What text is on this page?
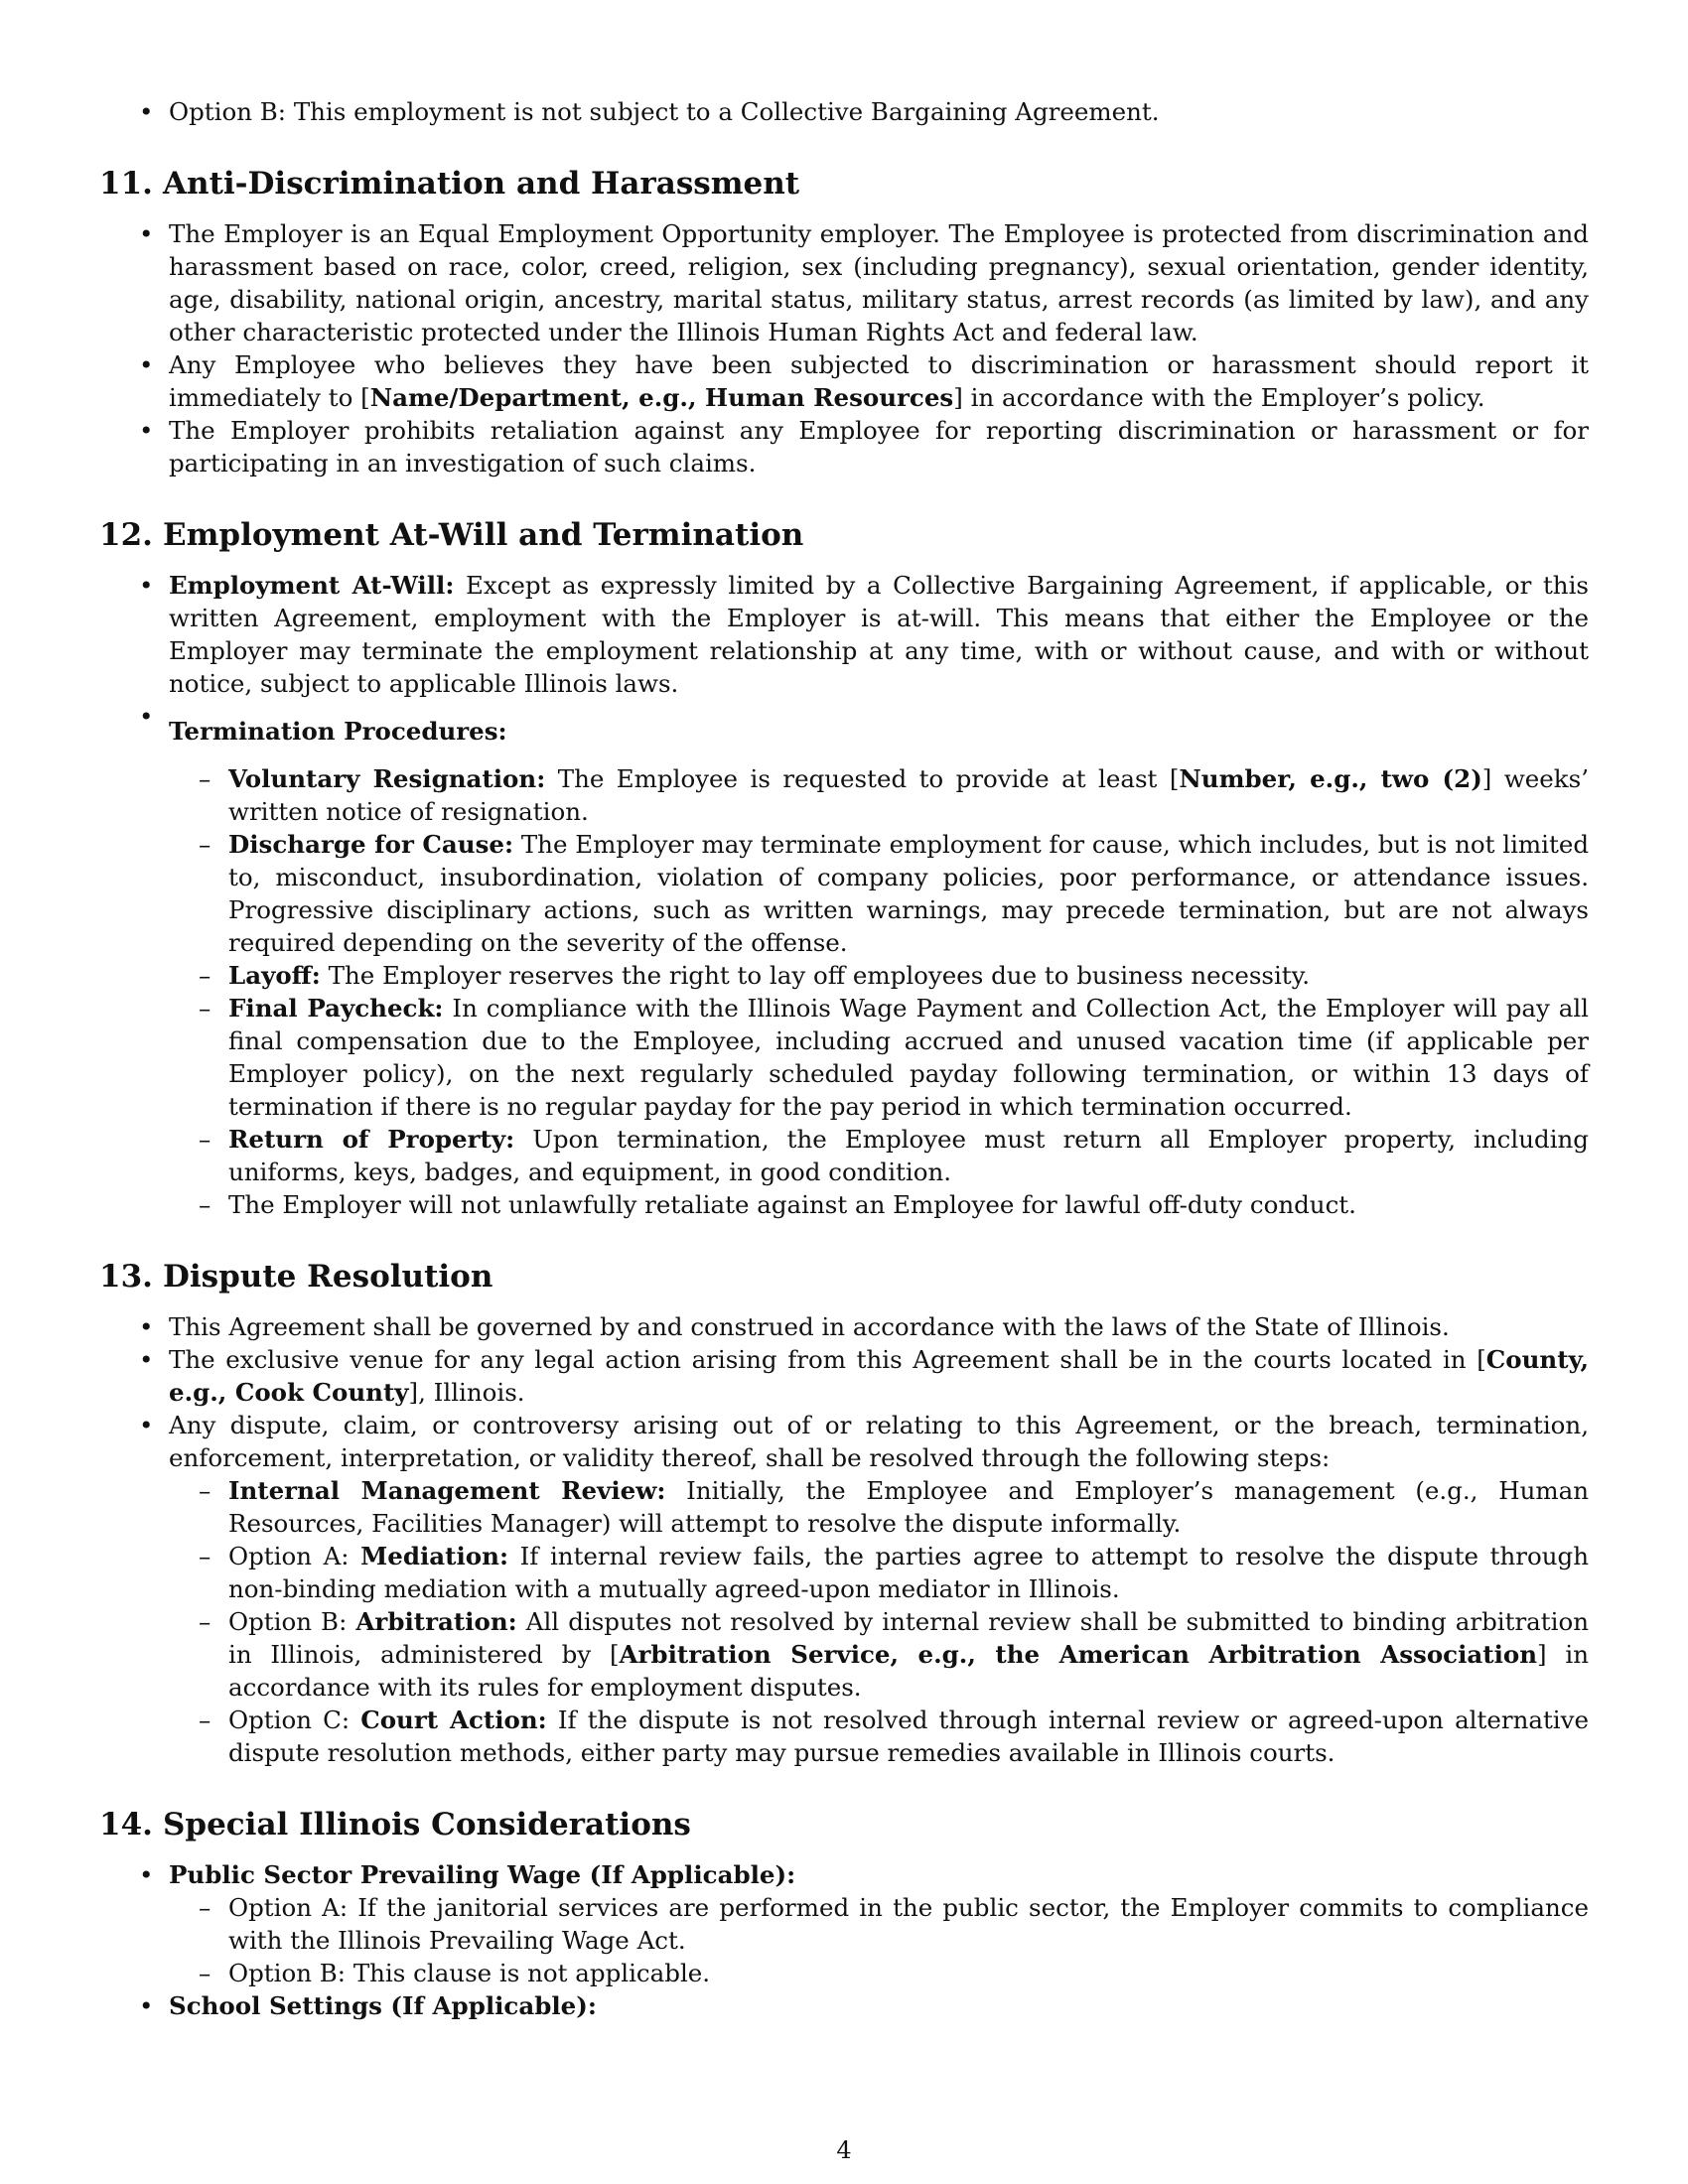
• Option B: This employment is not subject to a Collective Bargaining Agreement.
11. Anti-Discrimination and Harassment
• The Employer is an Equal Employment Opportunity employer. The Employee is protected from discrimination and harassment based on race, color, creed, religion, sex (including pregnancy), sexual orientation, gender identity, age, disability, national origin, ancestry, marital status, military status, arrest records (as limited by law), and any other characteristic protected under the Illinois Human Rights Act and federal law.
• Any Employee who believes they have been subjected to discrimination or harassment should report it immediately to [Name/Department, e.g., Human Resources] in accordance with the Employer’s policy.
• The Employer prohibits retaliation against any Employee for reporting discrimination or harassment or for participating in an investigation of such claims.
12. Employment At-Will and Termination
• Employment At-Will: Except as expressly limited by a Collective Bargaining Agreement, if applicable, or this written Agreement, employment with the Employer is at-will. This means that either the Employee or the Employer may terminate the employment relationship at any time, with or without cause, and with or without notice, subject to applicable Illinois laws.
• Termination Procedures:
– Voluntary Resignation: The Employee is requested to provide at least [Number, e.g., two (2)] weeks’ written notice of resignation.
– Discharge for Cause: The Employer may terminate employment for cause, which includes, but is not limited to, misconduct, insubordination, violation of company policies, poor performance, or attendance issues. Progressive disciplinary actions, such as written warnings, may precede termination, but are not always required depending on the severity of the offense.
– Layoff: The Employer reserves the right to lay off employees due to business necessity.
– Final Paycheck: In compliance with the Illinois Wage Payment and Collection Act, the Employer will pay all final compensation due to the Employee, including accrued and unused vacation time (if applicable per Employer policy), on the next regularly scheduled payday following termination, or within 13 days of termination if there is no regular payday for the pay period in which termination occurred.
– Return of Property: Upon termination, the Employee must return all Employer property, including uniforms, keys, badges, and equipment, in good condition.
– The Employer will not unlawfully retaliate against an Employee for lawful off-duty conduct.
13. Dispute Resolution
• This Agreement shall be governed by and construed in accordance with the laws of the State of Illinois.
• The exclusive venue for any legal action arising from this Agreement shall be in the courts located in [County, e.g., Cook County], Illinois.
• Any dispute, claim, or controversy arising out of or relating to this Agreement, or the breach, termination, enforcement, interpretation, or validity thereof, shall be resolved through the following steps:
– Internal Management Review: Initially, the Employee and Employer’s management (e.g., Human Resources, Facilities Manager) will attempt to resolve the dispute informally.
– Option A: Mediation: If internal review fails, the parties agree to attempt to resolve the dispute through non-binding mediation with a mutually agreed-upon mediator in Illinois.
– Option B: Arbitration: All disputes not resolved by internal review shall be submitted to binding arbitration in Illinois, administered by [Arbitration Service, e.g., the American Arbitration Association] in accordance with its rules for employment disputes.
– Option C: Court Action: If the dispute is not resolved through internal review or agreed-upon alternative dispute resolution methods, either party may pursue remedies available in Illinois courts.
14. Special Illinois Considerations
• Public Sector Prevailing Wage (If Applicable):
– Option A: If the janitorial services are performed in the public sector, the Employer commits to compliance with the Illinois Prevailing Wage Act.
– Option B: This clause is not applicable.
• School Settings (If Applicable):
4
